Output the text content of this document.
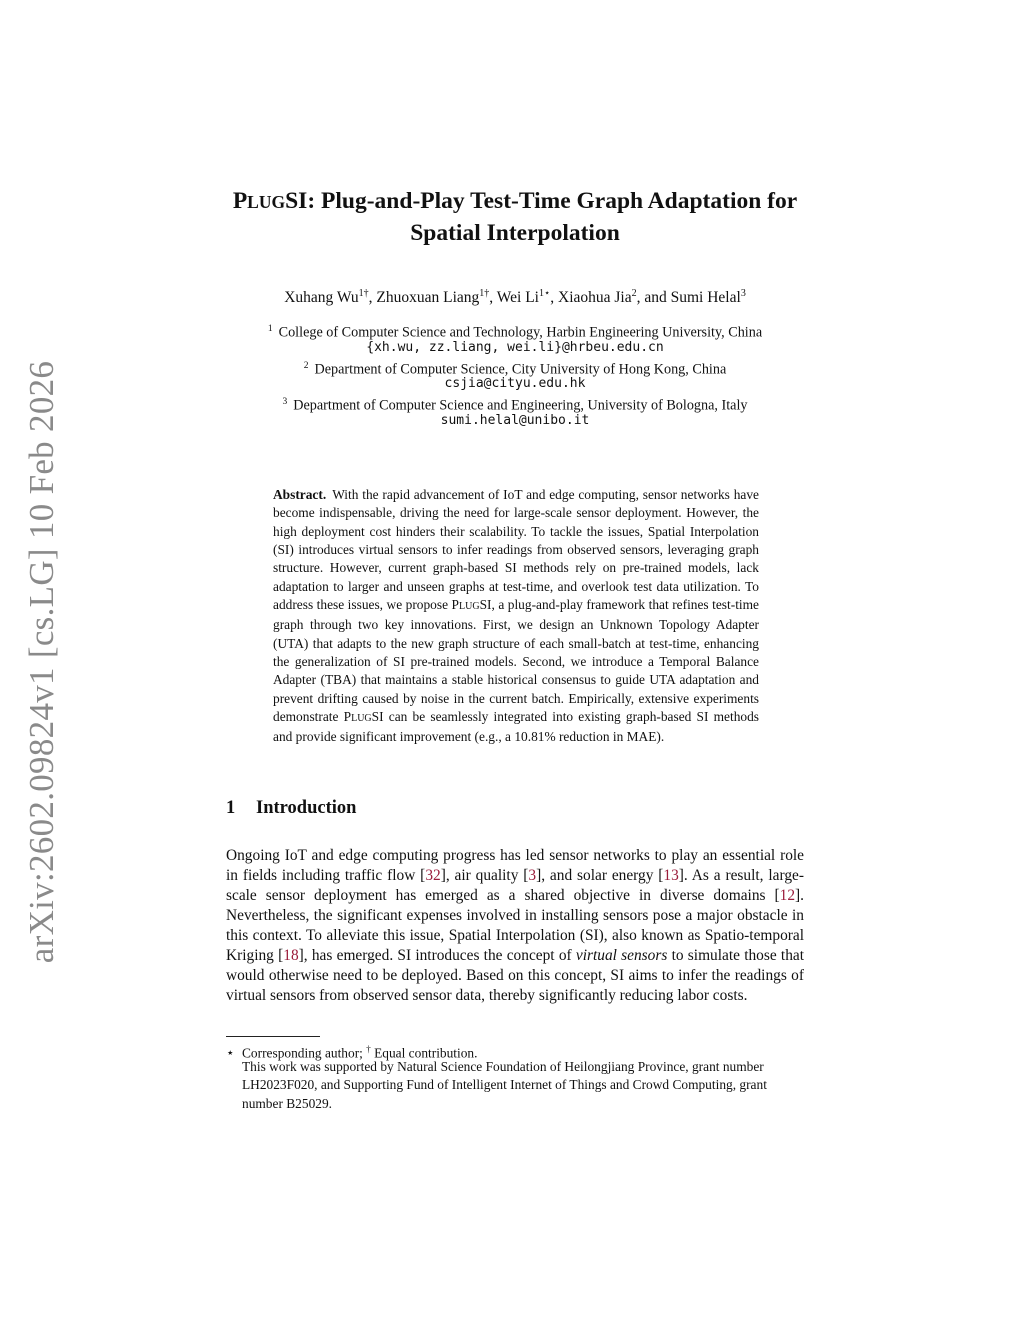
arXiv:2602.09824v1 [cs.LG] 10 Feb 2026
PLUGSI: Plug-and-Play Test-Time Graph Adaptation for
Spatial Interpolation
Xuhang $Wu^{1\dagger}$, Zhuoxuan Liang$^{1\dagger}$, Wei $Li^{1⋆}$, Xiaohua Jia$^2$, and Sumi Helal$^3$
$^1$ College of Computer Science and Technology, Harbin Engineering University, China
{xh.wu, zz.liang, wei.li}@hrbeu.edu.cn
$^2$ Department of Computer Science, City University of Hong Kong, China
csjia@cityu.edu.hk
$^3$ Department of Computer Science and Engineering, University of Bologna, Italy
sumi.helal@unibo.it
Abstract. With the rapid advancement of IoT and edge computing, sensor networks have become indispensable, driving the need for large-scale sensor deployment. However, the high deployment cost hinders their scalability. To tackle the issues, Spatial Interpolation (SI) introduces virtual sensors to infer readings from observed sensors, leveraging graph structure. However, current graph-based SI methods rely on pre-trained models, lack adaptation to larger and unseen graphs at test-time, and overlook test data utilization. To address these issues, we propose PLUGSI, a plug-and-play framework that refines test-time graph through two key innovations. First, we design an Unknown Topology Adapter (UTA) that adapts to the new graph structure of each small-batch at test-time, enhancing the generalization of SI pre-trained models. Second, we introduce a Temporal Balance Adapter (TBA) that maintains a stable historical consensus to guide UTA adaptation and prevent drifting caused by noise in the current batch. Empirically, extensive experiments demonstrate PLUGSI can be seamlessly integrated into existing graph-based SI methods and provide significant improvement (e.g., a 10.81% reduction in MAE).
1 Introduction
Ongoing IoT and edge computing progress has led sensor networks to play an essential role in fields including traffic flow [32], air quality [3], and solar energy [13]. As a result, large-scale sensor deployment has emerged as a shared objective in diverse domains [12]. Nevertheless, the significant expenses involved in installing sensors pose a major obstacle in this context. To alleviate this issue, Spatial Interpolation (SI), also known as Spatio-temporal Kriging [18], has emerged. SI introduces the concept of virtual sensors to simulate those that would otherwise need to be deployed. Based on this concept, SI aims to infer the readings of virtual sensors from observed sensor data, thereby significantly reducing labor costs.
⋆ Corresponding author; † Equal contribution.
This work was supported by Natural Science Foundation of Heilongjiang Province, grant number LH2023F020, and Supporting Fund of Intelligent Internet of Things and Crowd Computing, grant number B25029.
